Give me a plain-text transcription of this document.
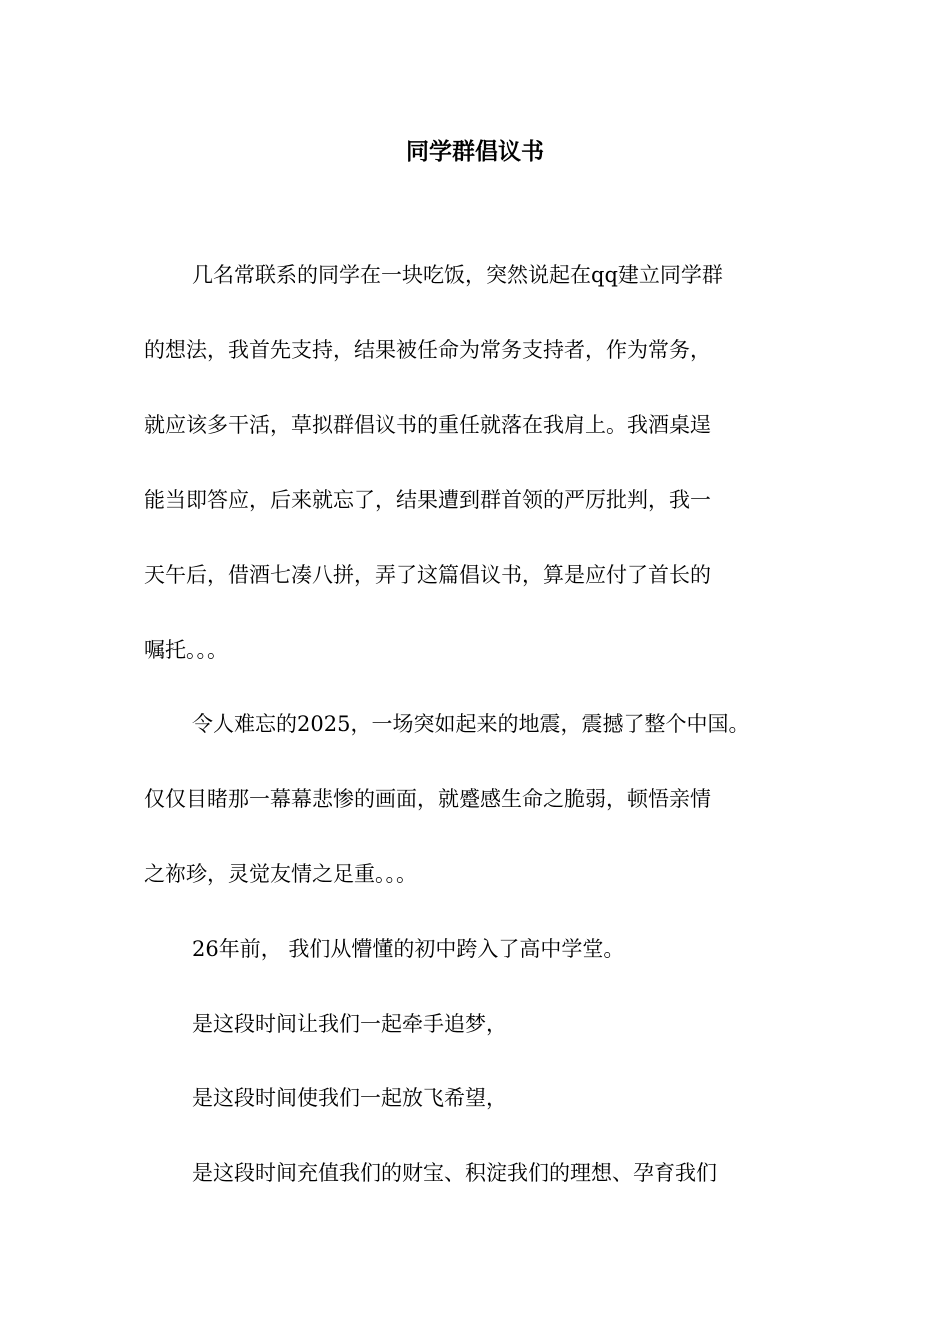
同学群倡议书

几名常联系的同学在一块吃饭，突然说起在qq建立同学群

的想法，我首先支持，结果被任命为常务支持者，作为常务，

就应该多干活，草拟群倡议书的重任就落在我肩上。我酒桌逞

能当即答应，后来就忘了，结果遭到群首领的严厉批判，我一

天午后，借酒七凑八拼，弄了这篇倡议书，算是应付了首长的

嘱托。。。

令人难忘的2025，一场突如起来的地震，震撼了整个中国。

仅仅目睹那一幕幕悲惨的画面，就蹙感生命之脆弱，顿悟亲情

之祢珍，灵觉友情之足重。。。

26年前， 我们从懵懂的初中跨入了高中学堂。

是这段时间让我们一起牵手追梦，

是这段时间使我们一起放飞希望，

是这段时间充值我们的财宝、积淀我们的理想、孕育我们
